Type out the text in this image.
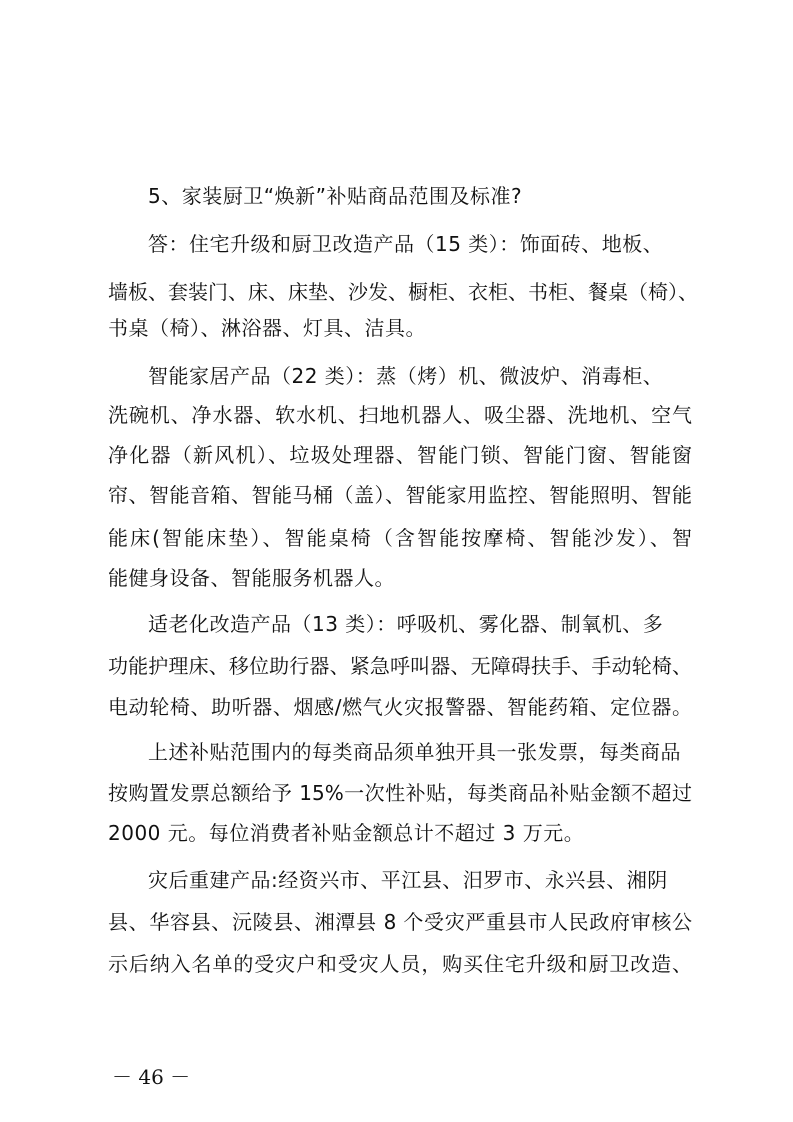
5、家装厨卫“焕新”补贴商品范围及标准?
答：住宅升级和厨卫改造产品（15 类）：饰面砖、地板、
墙板、套装门、床、床垫、沙发、橱柜、衣柜、书柜、餐桌（椅）、
书桌（椅）、淋浴器、灯具、洁具。
智能家居产品（22 类）：蒸（烤）机、微波炉、消毒柜、
洗碗机、净水器、软水机、扫地机器人、吸尘器、洗地机、空气
净化器（新风机）、垃圾处理器、智能门锁、智能门窗、智能窗
帘、智能音箱、智能马桶（盖）、智能家用监控、智能照明、智能
能床(智能床垫）、智能桌椅（含智能按摩椅、智能沙发）、智
能健身设备、智能服务机器人。
适老化改造产品（13 类）：呼吸机、雾化器、制氧机、多
功能护理床、移位助行器、紧急呼叫器、无障碍扶手、手动轮椅、
电动轮椅、助听器、烟感/燃气火灾报警器、智能药箱、定位器。
上述补贴范围内的每类商品须单独开具一张发票，每类商品
按购置发票总额给予 15%一次性补贴，每类商品补贴金额不超过
2000 元。每位消费者补贴金额总计不超过 3 万元。
灾后重建产品:经资兴市、平江县、汨罗市、永兴县、湘阴
县、华容县、沅陵县、湘潭县 8 个受灾严重县市人民政府审核公
示后纳入名单的受灾户和受灾人员，购买住宅升级和厨卫改造、
－ 46 －
